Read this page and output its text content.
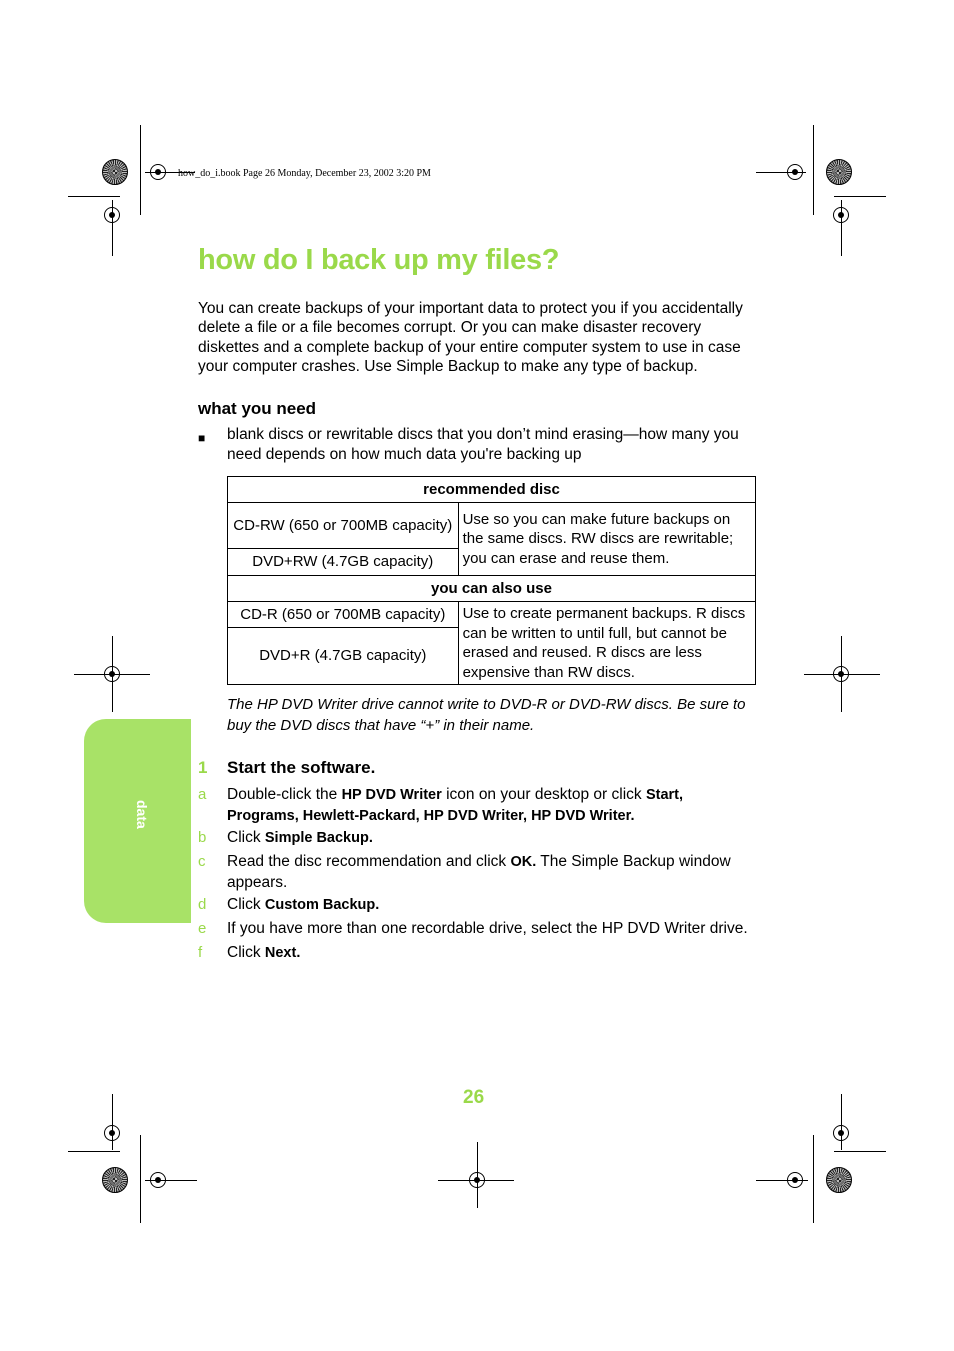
how_do_i.book Page 26 Monday, December 23, 2002 3:20 PM
data
how do I back up my files?
You can create backups of your important data to protect you if you accidentally delete a file or a file becomes corrupt. Or you can make disaster recovery diskettes and a complete backup of your entire computer system to use in case your computer crashes. Use Simple Backup to make any type of backup.
what you need
■ blank discs or rewritable discs that you don’t mind erasing—how many you need depends on how much data you're backing up
recommended disc	
CD-RW (650 or 700MB capacity)	Use so you can make future backups on the same discs. RW discs are rewritable; you can erase and reuse them.
DVD+RW (4.7GB capacity)	
you can also use	
CD-R (650 or 700MB capacity)	Use to create permanent backups. R discs can be written to until full, but cannot be erased and reused. R discs are less expensive than RW discs.
DVD+R (4.7GB capacity)	
The HP DVD Writer drive cannot write to DVD-R or DVD-RW discs. Be sure to buy the DVD discs that have “+” in their name.
1 Start the software.
a Double-click the HP DVD Writer icon on your desktop or click Start, Programs, Hewlett-Packard, HP DVD Writer, HP DVD Writer.
b Click Simple Backup.
c Read the disc recommendation and click OK. The Simple Backup window appears.
d Click Custom Backup.
e If you have more than one recordable drive, select the HP DVD Writer drive.
f Click Next.
26
